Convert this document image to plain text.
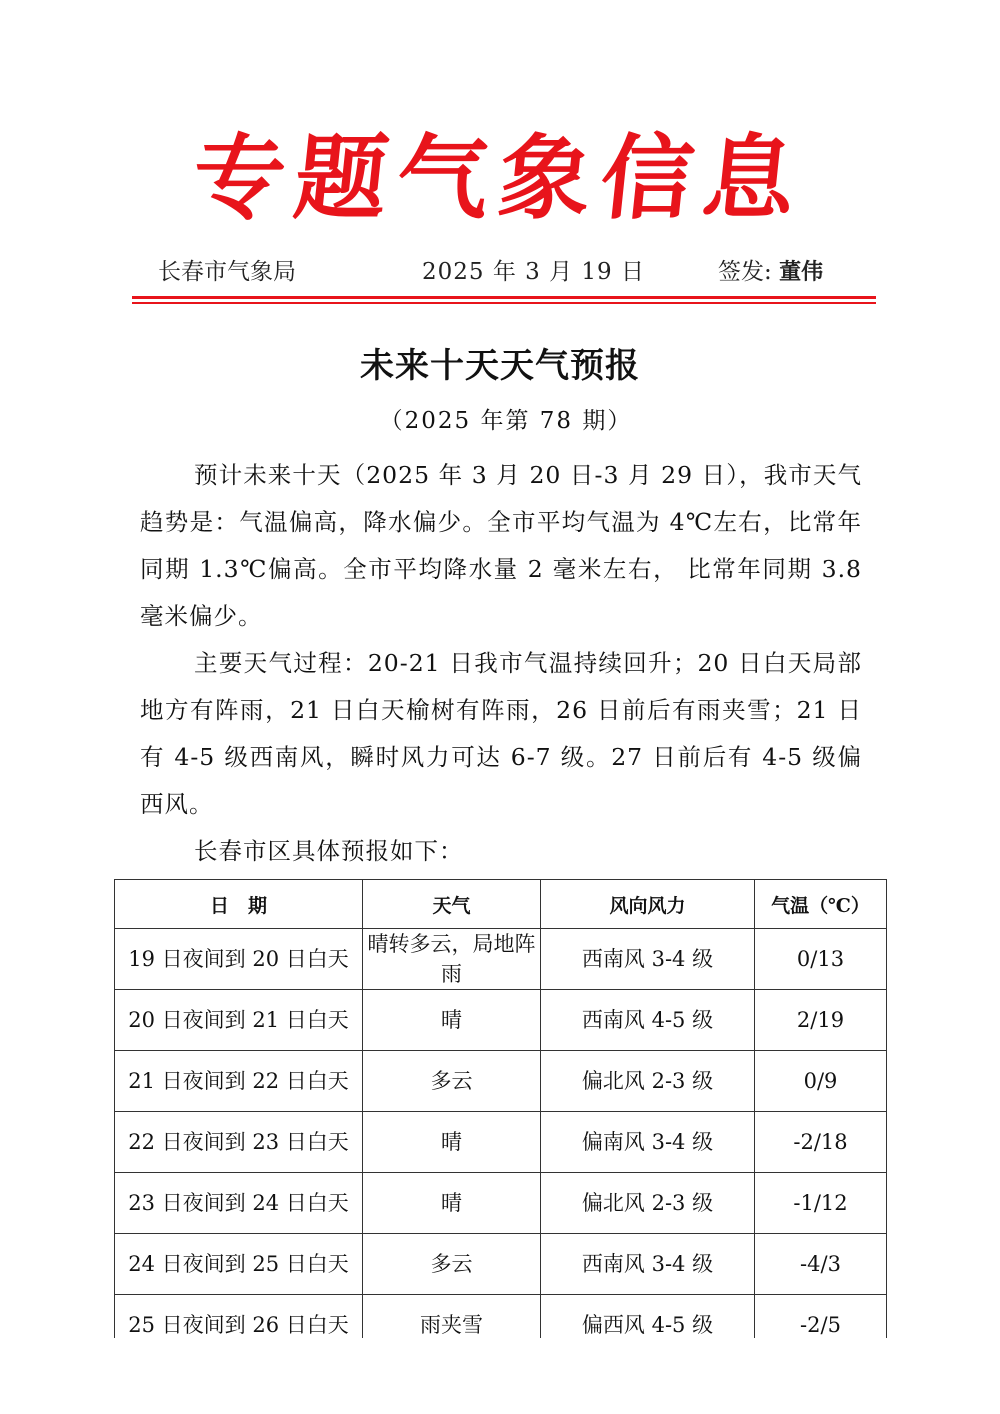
专题气象信息
长春市气象局	2025 年 3 月 19 日	签发: 董伟
未来十天天气预报
（2025 年第 78 期）

预计未来十天（2025 年 3 月 20 日-3 月 29 日），我市天气趋势是：气温偏高，降水偏少。全市平均气温为 4℃左右，比常年同期 1.3℃偏高。全市平均降水量 2 毫米左右， 比常年同期 3.8 毫米偏少。

主要天气过程：20-21 日我市气温持续回升；20 日白天局部地方有阵雨，21 日白天榆树有阵雨，26 日前后有雨夹雪；21 日有 4-5 级西南风，瞬时风力可达 6-7 级。27 日前后有 4-5 级偏西风。

长春市区具体预报如下：

日　期	天气	风向风力	气温（℃）
19 日夜间到 20 日白天	晴转多云，局地阵雨	西南风 3-4 级	0/13
20 日夜间到 21 日白天	晴	西南风 4-5 级	2/19
21 日夜间到 22 日白天	多云	偏北风 2-3 级	0/9
22 日夜间到 23 日白天	晴	偏南风 3-4 级	-2/18
23 日夜间到 24 日白天	晴	偏北风 2-3 级	-1/12
24 日夜间到 25 日白天	多云	西南风 3-4 级	-4/3
25 日夜间到 26 日白天	雨夹雪	偏西风 4-5 级	-2/5
